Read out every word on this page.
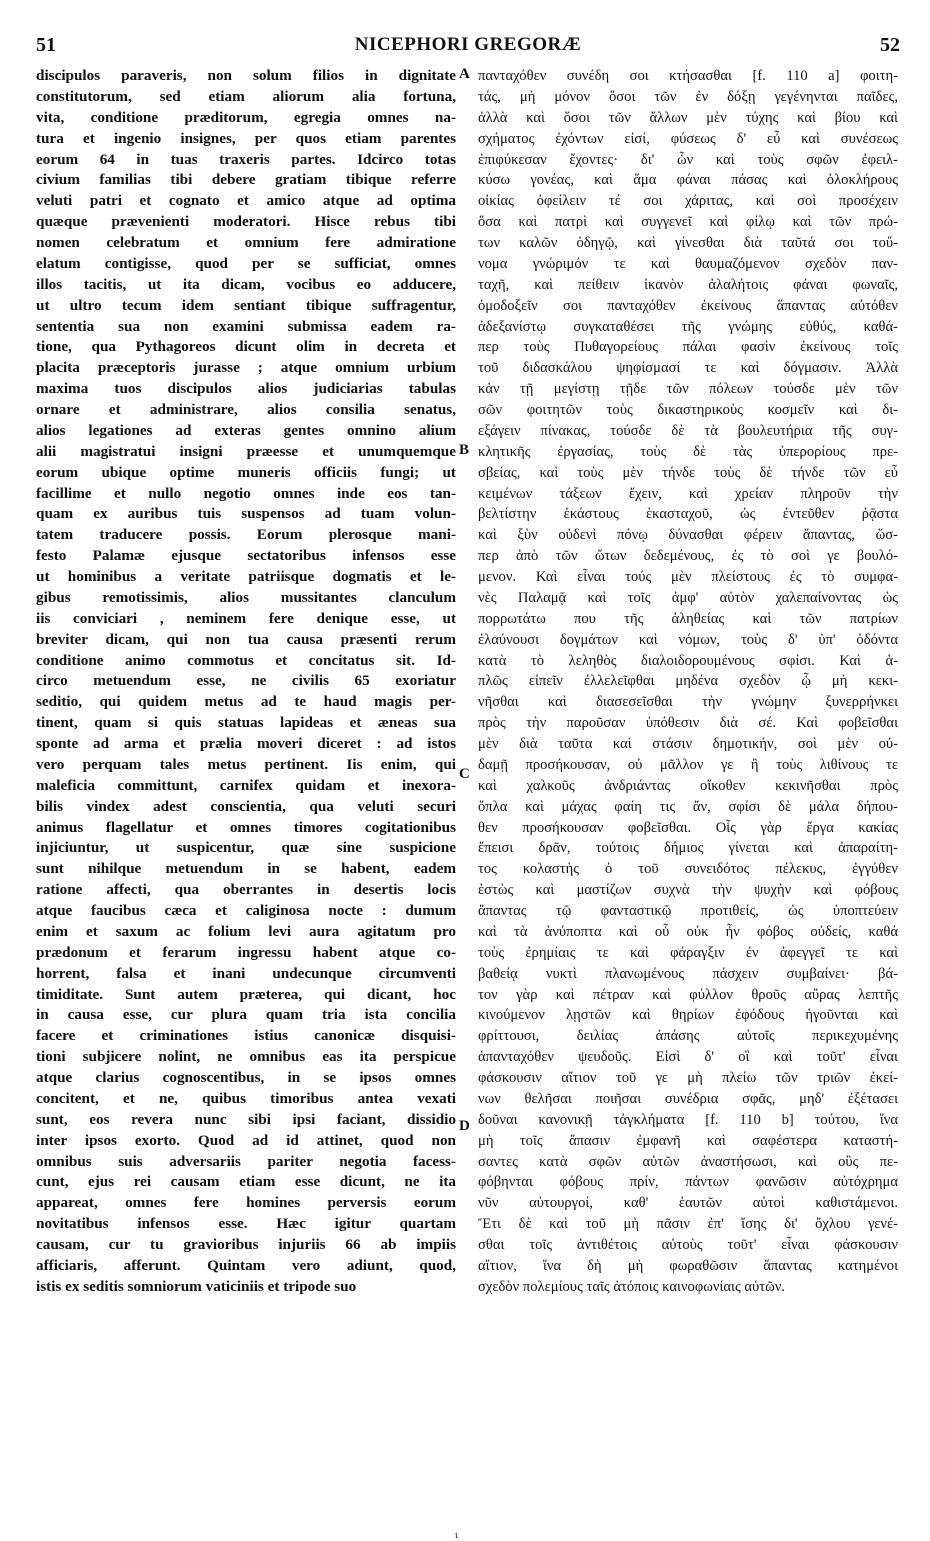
51	NICEPHORI GREGORÆ	52
discipulos paraveris, non solum filios in dignitate
constitutorum, sed etiam aliorum alia fortuna,
vita, conditione præditorum, egregia omnes na-
tura et ingenio insignes, per quos etiam parentes
eorum 64 in tuas traxeris partes. Idcirco totas
civium familias tibi debere gratiam tibique referre
veluti patri et cognato et amico atque ad optima
quæque prævenienti moderatori. Hisce rebus tibi
nomen celebratum et omnium fere admiratione
elatum contigisse, quod per se sufficiat, omnes
illos tacitis, ut ita dicam, vocibus eo adducere,
ut ultro tecum idem sentiant tibique suffragentur,
sententia sua non examini submissa eadem ra-
tione, qua Pythagoreos dicunt olim in decreta et
placita præceptoris jurasse ; atque omnium urbium
maxima tuos discipulos alios judiciarias tabulas
ornare et administrare, alios consilia senatus,
alios legationes ad exteras gentes omnino alium
alii magistratui insigni præesse et unumquemque
eorum ubique optime muneris officiis fungi; ut
facillime et nullo negotio omnes inde eos tan-
quam ex auribus tuis suspensos ad tuam volun-
tatem traducere possis. Eorum plerosque mani-
festo Palamæ ejusque sectatoribus infensos esse
ut hominibus a veritate patriisque dogmatis et le-
gibus remotissimis, alios mussitantes clanculum
iis conviciari , neminem fere denique esse, ut
breviter dicam, qui non tua causa præsenti rerum
conditione animo commotus et concitatus sit. Id-
circo metuendum esse, ne civilis 65 exoriatur
seditio, qui quidem metus ad te haud magis per-
tinent, quam si quis statuas lapideas et æneas sua
sponte ad arma et prælia moveri diceret : ad istos
vero perquam tales metus pertinent. Iis enim, qui
maleficia committunt, carnifex quidam et inexora-
bilis vindex adest conscientia, qua veluti securi
animus flagellatur et omnes timores cogitationibus
injiciuntur, ut suspicentur, quæ sine suspicione
sunt nihilque metuendum in se habent, eadem
ratione affecti, qua oberrantes in desertis locis
atque faucibus cæca et caliginosa nocte : dumum
enim et saxum ac folium levi aura agitatum pro
prædonum et ferarum ingressu habent atque co-
horrent, falsa et inani undecunque circumventi
timiditate. Sunt autem præterea, qui dicant, hoc
in causa esse, cur plura quam tria ista concilia
facere et criminationes istius canonicæ disquisi-
tioni subjicere nolint, ne omnibus eas ita perspicue
atque clarius cognoscentibus, in se ipsos omnes
concitent, et ne, quibus timoribus antea vexati
sunt, eos revera nunc sibi ipsi faciant, dissidio
inter ipsos exorto. Quod ad id attinet, quod non
omnibus suis adversariis pariter negotia facess-
cunt, ejus rei causam etiam esse dicunt, ne ita
appareat, omnes fere homines perversis eorum
novitatibus infensos esse. Hæc igitur quartam
causam, cur tu gravioribus injuriis 66 ab impiis
afficiaris, afferunt. Quintam vero adiunt, quod,
istis ex seditis somniorum vaticiniis et tripode suo
A
B
C
D
πανταχόθεν συνέδη σοι κτήσασθαι [f. 110 a] φοιτη-
τάς, μὴ μόνον ὅσοι τῶν ἐν δόξῃ γεγένηνται παῖδες,
ἀλλὰ καὶ ὅσοι τῶν ἄλλων μὲν τύχης καὶ βίου καὶ
σχήματος ἐχόντων εἰσί, φύσεως δ' εὖ καὶ συνέσεως
ἐπιφύκεσαν ἔχοντες· δι' ὧν καὶ τοὺς σφῶν ἐφειλ-
κύσω γονέας, καὶ ἅμα φάναι πάσας καὶ ὁλοκλήρους
οἰκίας ὀφείλειν τέ σοι χάριτας, καὶ σοὶ προσέχειν
ὅσα καὶ πατρὶ καὶ συγγενεῖ καὶ φίλῳ καὶ τῶν πρώ-
των καλῶν ὁδηγῷ, καὶ γίνεσθαι διὰ ταῦτά σοι τοὔ-
νομα γνώριμόν τε καὶ θαυμαζόμενον σχεδὸν παν-
ταχῆ, καὶ πείθειν ἱκανὸν ἀλαλήτοις φάναι φωναῖς,
ὁμοδοξεῖν σοι πανταχόθεν ἐκείνους ἅπαντας αὐτόθεν
ἀδεξανίστῳ συγκαταθέσει τῆς γνώμης εὐθύς, καθά-
περ τοὺς Πυθαγορείους πάλαι φασὶν ἐκείνους τοῖς
τοῦ διδασκάλου ψηφίσμασί τε καὶ δόγμασιν. Ἀλλὰ
κἀν τῇ μεγίστῃ τῇδε τῶν πόλεων τούσδε μὲν τῶν
σῶν φοιτητῶν τοὺς δικαστηρικοὺς κοσμεῖν καὶ δι-
εξάγειν πίνακας, τούσδε δὲ τὰ βουλευτήρια τῆς συγ-
κλητικῆς ἐργασίας, τοὺς δὲ τὰς ὑπερορίους πρε-
σβείας, καὶ τοὺς μὲν τήνδε τοὺς δὲ τήνδε τῶν εὖ
κειμένων τάξεων ἔχειν, καὶ χρείαν πληροῦν τὴν
βελτίστην ἑκάστους ἑκασταχοῦ, ὡς ἐντεῦθεν ῥᾷστα
καὶ ξὺν οὐδενὶ πόνῳ δύνασθαι φέρειν ἅπαντας, ὥσ-
περ ἀπὸ τῶν ὤτων δεδεμένους, ἐς τὸ σοὶ γε βουλό-
μενον. Καὶ εἶναι τούς μὲν πλείστους ἐς τὸ συμφα-
νὲς Παλαμᾷ καὶ τοῖς ἀμφ' αὐτὸν χαλεπαίνοντας ὡς
πορρωτάτω που τῆς ἀληθείας καὶ τῶν πατρίων
ἐλαύνουσι δογμάτων καὶ νόμων, τοὺς δ' ὑπ' ὀδόντα
κατὰ τὸ λεληθὸς διαλοιδορουμένους σφίσι. Καὶ ἁ-
πλῶς εἰπεῖν ἐλλελεῖφθαι μηδένα σχεδὸν ᾧ μὴ κεκι-
νῆσθαι καὶ διασεσεῖσθαι τὴν γνώμην ξυνερρήνκει
πρὸς τὴν παροῦσαν ὑπόθεσιν διὰ σέ. Καὶ φοβεῖσθαι
μὲν διὰ ταῦτα καὶ στάσιν δημοτικήν, σοὶ μὲν οὐ-
δαμῇ προσήκουσαν, οὐ μᾶλλον γε ἢ τοὺς λιθίνους τε
καὶ χαλκοῦς ἀνδριάντας οἴκοθεν κεκινῆσθαι πρὸς
ὅπλα καὶ μάχας φαίη τις ἄν, σφίσι δὲ μάλα δήπου-
θεν προσήκουσαν φοβεῖσθαι. Οἷς γὰρ ἔργα κακίας
ἔπεισι δρᾶν, τούτοις δήμιος γίνεται καὶ ἀπαραίτη-
τος κολαστὴς ὁ τοῦ συνειδότος πέλεκυς, ἐγγύθεν
ἑστὼς καὶ μαστίζων συχνὰ τὴν ψυχὴν καὶ φόβους
ἅπαντας τῷ φανταστικῷ προτιθείς, ὡς ὑποπτεύειν
καὶ τὰ ἀνύποπτα καὶ οὗ οὐκ ἦν φόβος οὐδείς, καθά
τοὺς ἐρημίαις τε καὶ φάραγξιν ἐν ἀφεγγεῖ τε καὶ
βαθείᾳ νυκτὶ πλανωμένους πάσχειν συμβαίνει· βά-
τον γὰρ καὶ πέτραν καὶ φύλλον θροῦς αὔρας λεπτῆς
κινούμενον λῃστῶν καὶ θηρίων ἐφόδους ἡγοῦνται καὶ
φρίττουσι, δειλίας ἀπάσης αὐτοῖς περικεχυμένης
ἁπανταχόθεν ψευδοῦς. Εἰσὶ δ' οἳ καὶ τοῦτ' εἶναι
φάσκουσιν αἴτιον τοῦ γε μὴ πλείω τῶν τριῶν ἐκεί-
νων θελῆσαι ποιῆσαι συνέδρια σφᾶς, μηδ' ἐξέτασει
δοῦναι κανονικῇ τἀγκλήματα [f. 110 b] τούτου, ἵνα
μὴ τοῖς ἅπασιν ἐμφανῆ καὶ σαφέστερα καταστή-
σαντες κατὰ σφῶν αὐτῶν ἀναστήσωσι, καὶ οὓς πε-
φόβηνται φόβους πρίν, πάντων φανῶσιν αὐτόχρημα
νῦν αὐτουργοί, καθ' ἑαυτῶν αὐτοὶ καθιστάμενοι.
Ἔτι δὲ καὶ τοῦ μὴ πᾶσιν ἐπ' ἴσης δι' ὄχλου γενέ-
σθαι τοῖς ἀντιθέτοις αὐτοὺς τοῦτ' εἶναι φάσκουσιν
αἴτιον, ἵνα δὴ μὴ φωραθῶσιν ἅπαντας κατημένοι
σχεδὸν πολεμίους ταῖς ἀτόποις καινοφωνίαις αὐτῶν.
ι
